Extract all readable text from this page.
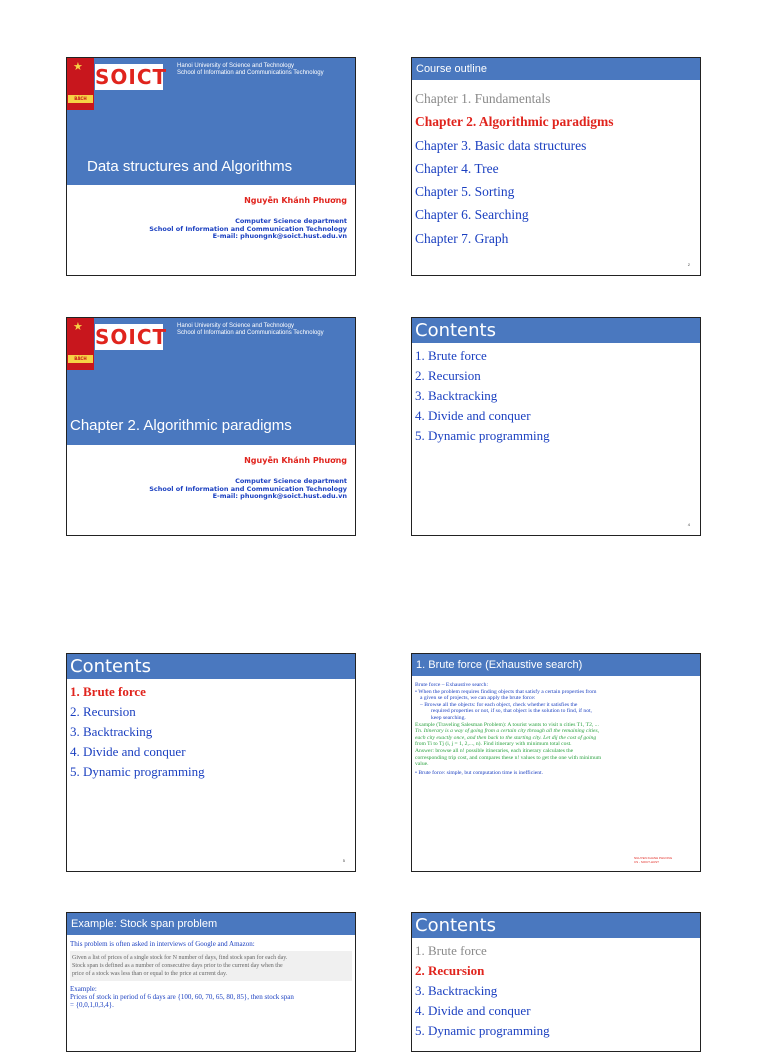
★
BÁCH KHOA
SOICT Hanoi University of Science and Technology
School of Information and Communications Technology
Data structures and Algorithms
Nguyễn Khánh Phương
Computer Science department
School of Information and Communication Technology
E-mail: phuongnk@soict.hust.edu.vn
Course outline
Chapter 1. Fundamentals
Chapter 2. Algorithmic paradigms
Chapter 3. Basic data structures
Chapter 4. Tree
Chapter 5. Sorting
Chapter 6. Searching
Chapter 7. Graph
2
★
BÁCH KHOA
SOICT Hanoi University of Science and Technology
School of Information and Communications Technology
Chapter 2. Algorithmic paradigms
Nguyễn Khánh Phương
Computer Science department
School of Information and Communication Technology
E-mail: phuongnk@soict.hust.edu.vn
Contents
1. Brute force
2. Recursion
3. Backtracking
4. Divide and conquer
5. Dynamic programming
4
Contents
1. Brute force
2. Recursion
3. Backtracking
4. Divide and conquer
5. Dynamic programming
5
1. Brute force (Exhaustive search)
Brute force – Exhaustive search:
• When the problem requires finding objects that satisfy a certain properties from
a given se of projects, we can apply the brute force:
– Browse all the objects: for each object, check whether it satisfies the
required properties or not, if so, that object is the solution to find, if not,
keep searching.
Example (Traveling Salesman Problem): A tourist wants to visit n cities T1, T2, ...
Tn. Itinerary is a way of going from a certain city through all the remaining cities,
each city exactly once, and then back to the starting city. Let dij the cost of going
from Ti to Tj (i, j = 1, 2,..., n). Find itinerary with minimum total cost.
Answer: browse all n! possible itineraries, each itinerary calculates the
corresponding trip cost, and compares these n! values to get the one with minimum
value.
• Brute force: simple, but computation time is inefficient.
NGUYEN KHANH PHUONG
CS - SOICT-HUST
Example: Stock span problem
This problem is often asked in interviews of Google and Amazon:
Given a list of prices of a single stock for N number of days, find stock span for each day.
Stock span is defined as a number of consecutive days prior to the current day when the
price of a stock was less than or equal to the price at current day.
Example:
Prices of stock in period of 6 days are {100, 60, 70, 65, 80, 85}, then stock span
= {0,0,1,0,3,4}.
Contents
1. Brute force
2. Recursion
3. Backtracking
4. Divide and conquer
5. Dynamic programming
